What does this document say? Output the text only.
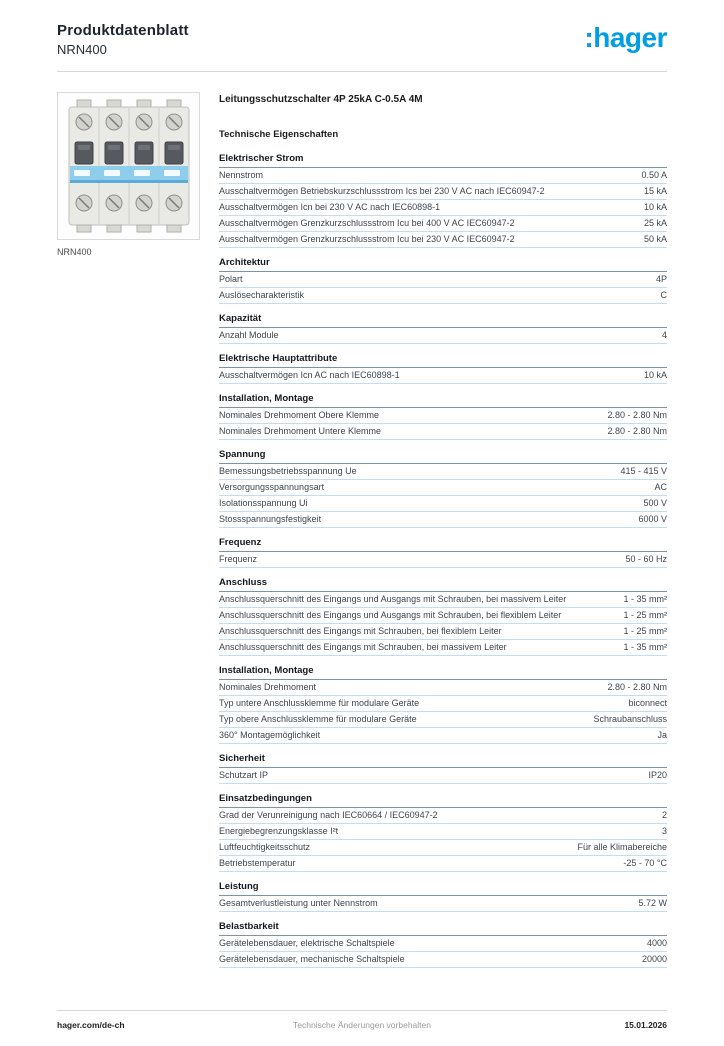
Produktdatenblatt
NRN400	:hager
NRN400
Leitungsschutzschalter 4P 25kA C-0.5A 4M
Technische Eigenschaften
Elektrischer Strom
Nennstrom	0.50 A
Ausschaltvermögen Betriebskurzschlussstrom Ics bei 230 V AC nach IEC60947-2	15 kA
Ausschaltvermögen Icn bei 230 V AC nach IEC60898-1	10 kA
Ausschaltvermögen Grenzkurzschlussstrom Icu bei 400 V AC IEC60947-2	25 kA
Ausschaltvermögen Grenzkurzschlussstrom Icu bei 230 V AC IEC60947-2	50 kA
Architektur
Polart	4P
Auslösecharakteristik	C
Kapazität
Anzahl Module	4
Elektrische Hauptattribute
Ausschaltvermögen Icn AC nach IEC60898-1	10 kA
Installation, Montage
Nominales Drehmoment Obere Klemme	2.80 - 2.80 Nm
Nominales Drehmoment Untere Klemme	2.80 - 2.80 Nm
Spannung
Bemessungsbetriebsspannung Ue	415 - 415 V
Versorgungsspannungsart	AC
Isolationsspannung Ui	500 V
Stossspannungsfestigkeit	6000 V
Frequenz
Frequenz	50 - 60 Hz
Anschluss
Anschlussquerschnitt des Eingangs und Ausgangs mit Schrauben, bei massivem Leiter	1 - 35 mm²
Anschlussquerschnitt des Eingangs und Ausgangs mit Schrauben, bei flexiblem Leiter	1 - 25 mm²
Anschlussquerschnitt des Eingangs mit Schrauben, bei flexiblem Leiter	1 - 25 mm²
Anschlussquerschnitt des Eingangs mit Schrauben, bei massivem Leiter	1 - 35 mm²
Installation, Montage
Nominales Drehmoment	2.80 - 2.80 Nm
Typ untere Anschlussklemme für modulare Geräte	biconnect
Typ obere Anschlussklemme für modulare Geräte	Schraubanschluss
360° Montagemöglichkeit	Ja
Sicherheit
Schutzart IP	IP20
Einsatzbedingungen
Grad der Verunreinigung nach IEC60664 / IEC60947-2	2
Energiebegrenzungsklasse I²t	3
Luftfeuchtigkeitsschutz	Für alle Klimabereiche
Betriebstemperatur	-25 - 70 °C
Leistung
Gesamtverlustleistung unter Nennstrom	5.72 W
Belastbarkeit
Gerätelebensdauer, elektrische Schaltspiele	4000
Gerätelebensdauer, mechanische Schaltspiele	20000
hager.com/de-ch	Technische Änderungen vorbehalten	15.01.2026
